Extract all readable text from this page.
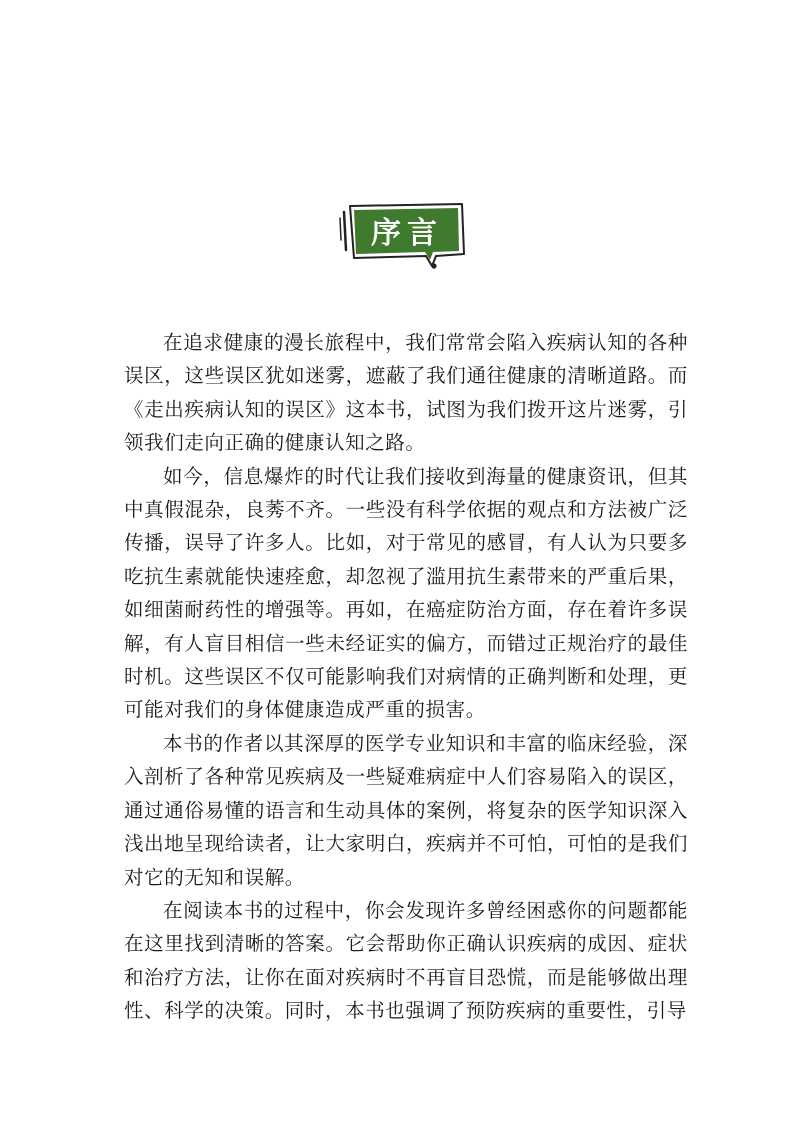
序言

在追求健康的漫长旅程中，我们常常会陷入疾病认知的各种误区，这些误区犹如迷雾，遮蔽了我们通往健康的清晰道路。而《走出疾病认知的误区》这本书，试图为我们拨开这片迷雾，引领我们走向正确的健康认知之路。

如今，信息爆炸的时代让我们接收到海量的健康资讯，但其中真假混杂，良莠不齐。一些没有科学依据的观点和方法被广泛传播，误导了许多人。比如，对于常见的感冒，有人认为只要多吃抗生素就能快速痊愈，却忽视了滥用抗生素带来的严重后果，如细菌耐药性的增强等。再如，在癌症防治方面，存在着许多误解，有人盲目相信一些未经证实的偏方，而错过正规治疗的最佳时机。这些误区不仅可能影响我们对病情的正确判断和处理，更可能对我们的身体健康造成严重的损害。

本书的作者以其深厚的医学专业知识和丰富的临床经验，深入剖析了各种常见疾病及一些疑难病症中人们容易陷入的误区，通过通俗易懂的语言和生动具体的案例，将复杂的医学知识深入浅出地呈现给读者，让大家明白，疾病并不可怕，可怕的是我们对它的无知和误解。

在阅读本书的过程中，你会发现许多曾经困惑你的问题都能在这里找到清晰的答案。它会帮助你正确认识疾病的成因、症状和治疗方法，让你在面对疾病时不再盲目恐慌，而是能够做出理性、科学的决策。同时，本书也强调了预防疾病的重要性，引导
